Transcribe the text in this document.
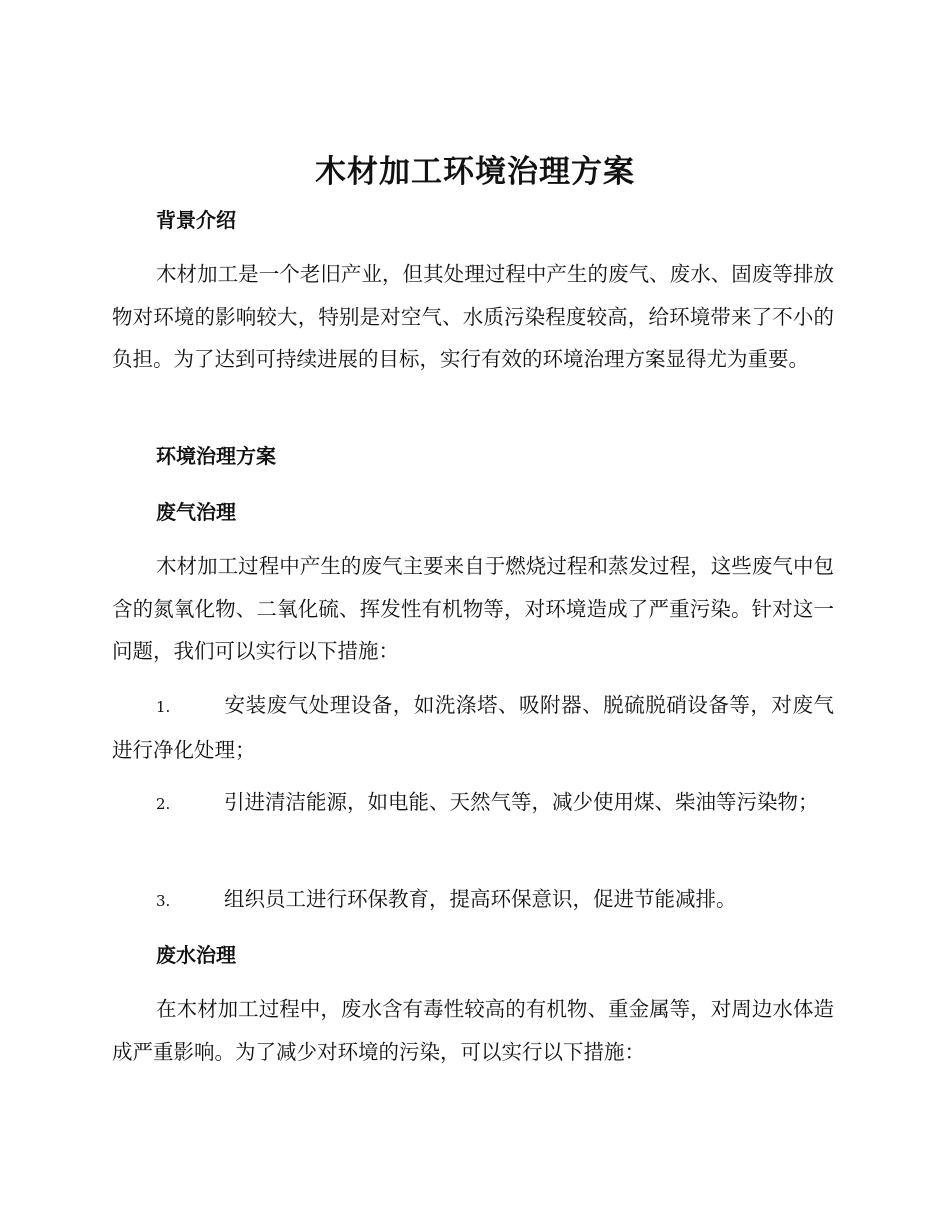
木材加工环境治理方案
背景介绍
木材加工是一个老旧产业，但其处理过程中产生的废气、废水、固废等排放物对环境的影响较大，特别是对空气、水质污染程度较高，给环境带来了不小的负担。为了达到可持续进展的目标，实行有效的环境治理方案显得尤为重要。
环境治理方案
废气治理
木材加工过程中产生的废气主要来自于燃烧过程和蒸发过程，这些废气中包含的氮氧化物、二氧化硫、挥发性有机物等，对环境造成了严重污染。针对这一问题，我们可以实行以下措施：
1.	安装废气处理设备，如洗涤塔、吸附器、脱硫脱硝设备等，对废气进行净化处理；
2.	引进清洁能源，如电能、天然气等，减少使用煤、柴油等污染物；
3.	组织员工进行环保教育，提高环保意识，促进节能减排。
废水治理
在木材加工过程中，废水含有毒性较高的有机物、重金属等，对周边水体造成严重影响。为了减少对环境的污染，可以实行以下措施：
